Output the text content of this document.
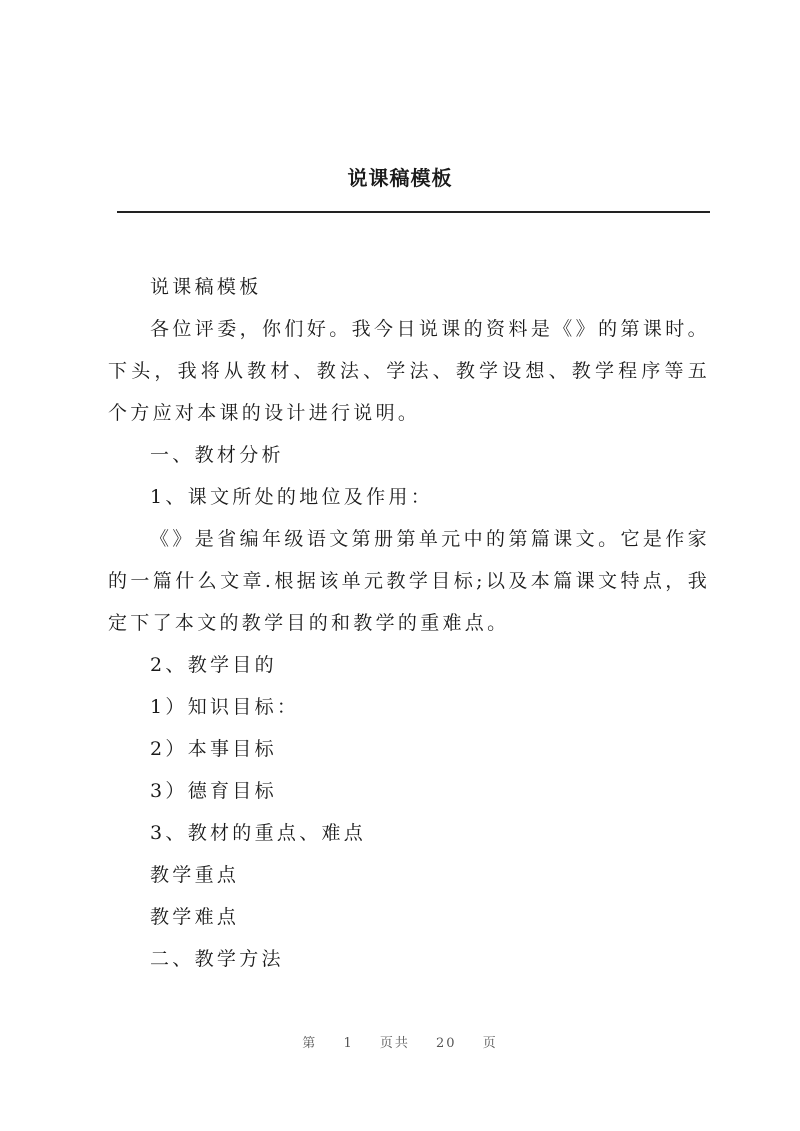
说课稿模板

说课稿模板

各位评委，你们好。我今日说课的资料是《》的第课时。下头，我将从教材、教法、学法、教学设想、教学程序等五个方应对本课的设计进行说明。

一、教材分析

1、课文所处的地位及作用：

《》是省编年级语文第册第单元中的第篇课文。它是作家的一篇什么文章.根据该单元教学目标;以及本篇课文特点，我定下了本文的教学目的和教学的重难点。

2、教学目的

1）知识目标：

2）本事目标

3）德育目标

3、教材的重点、难点

教学重点

教学难点

二、教学方法

第 1 页共 20 页
